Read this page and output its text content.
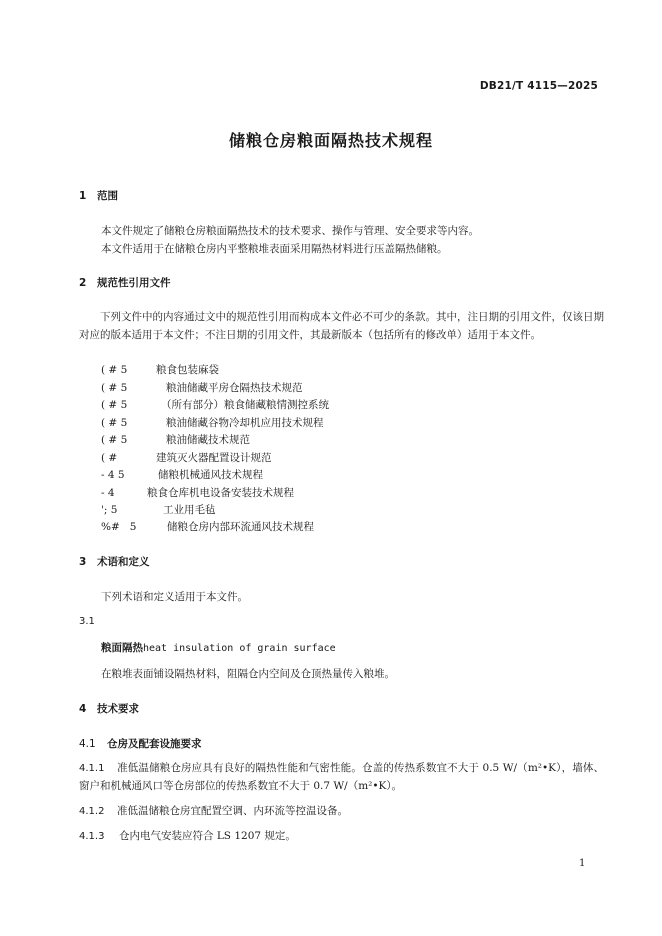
DB21/T 4115—2025
储粮仓房粮面隔热技术规程
1 范围
本文件规定了储粮仓房粮面隔热技术的技术要求、操作与管理、安全要求等内容。
本文件适用于在储粮仓房内平整粮堆表面采用隔热材料进行压盖隔热储粮。
2 规范性引用文件
下列文件中的内容通过文中的规范性引用而构成本文件必不可少的条款。其中，注日期的引用文件，仅该日期对应的版本适用于本文件；不注日期的引用文件，其最新版本（包括所有的修改单）适用于本文件。
( # 5	粮食包装麻袋
( # 5	粮油储藏平房仓隔热技术规范
( # 5	（所有部分）粮食储藏粮情测控系统
( # 5	粮油储藏谷物冷却机应用技术规程
( # 5	粮油储藏技术规范
( #	建筑灭火器配置设计规范
- 4 5	储粮机械通风技术规程
- 4	粮食仓库机电设备安装技术规程
'; 5	工业用毛毡
%#   5	储粮仓房内部环流通风技术规程
3 术语和定义
下列术语和定义适用于本文件。
3.1
粮面隔热heat insulation of grain surface
在粮堆表面铺设隔热材料，阻隔仓内空间及仓顶热量传入粮堆。
4 技术要求
4.1 仓房及配套设施要求
4.1.1 准低温储粮仓房应具有良好的隔热性能和气密性能。仓盖的传热系数宜不大于 0.5 W/（m²•K），墙体、窗户和机械通风口等仓房部位的传热系数宜不大于 0.7 W/（m²•K）。
4.1.2 准低温储粮仓房宜配置空调、内环流等控温设备。
4.1.3 仓内电气安装应符合 LS 1207 规定。
1
